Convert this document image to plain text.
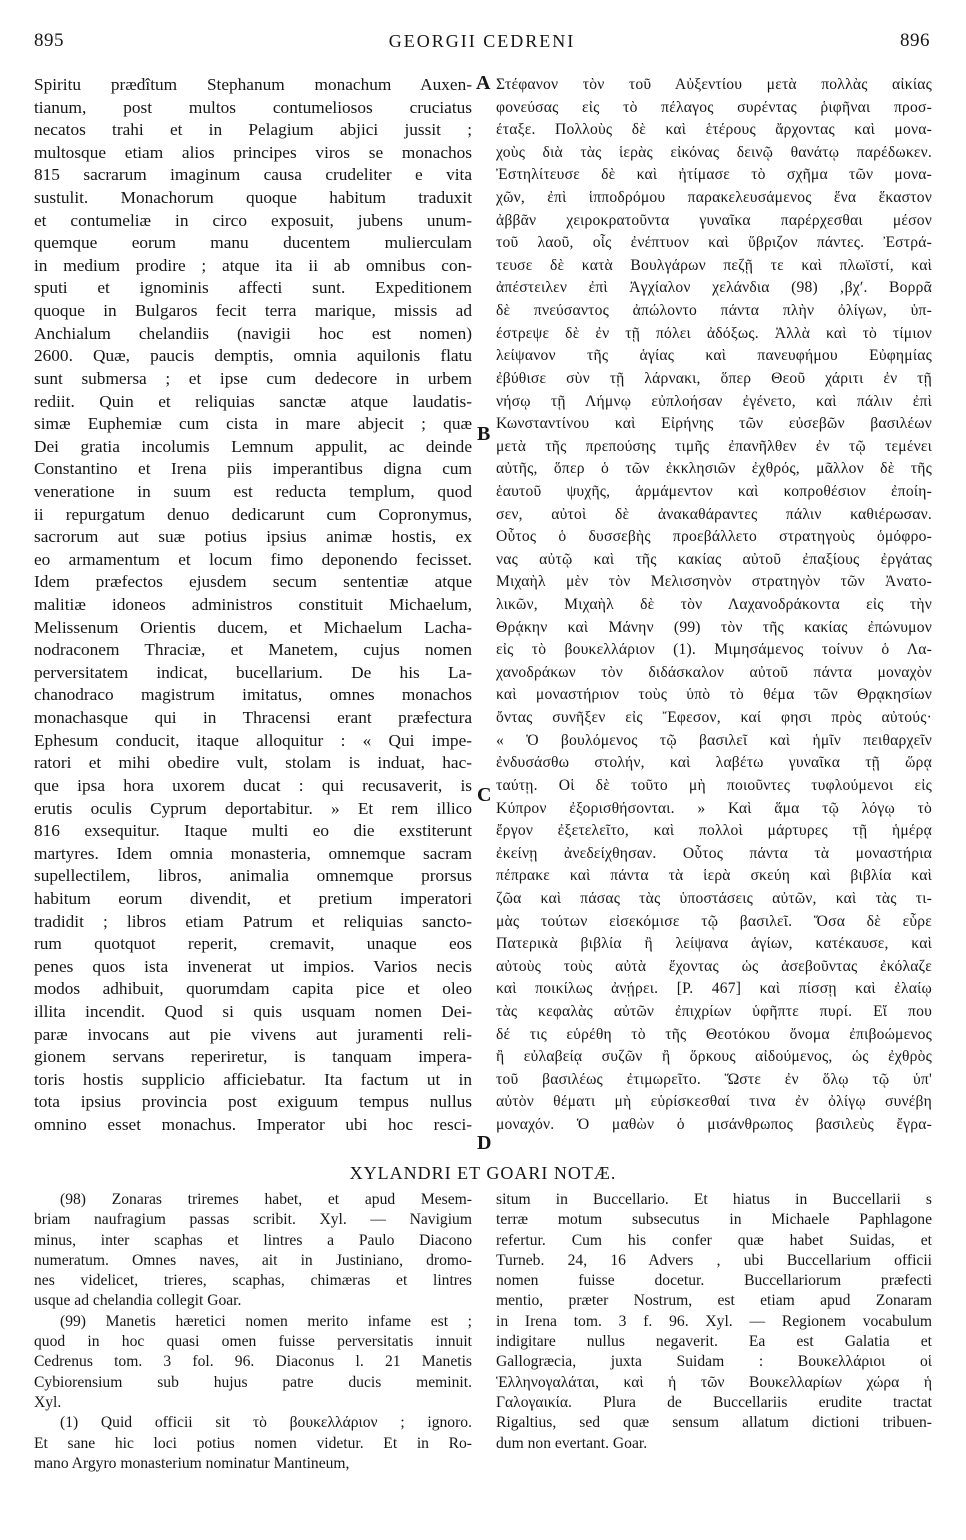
895	GEORGII CEDRENI	896
Spiritu prædîtum Stephanum monachum Auxen-
tianum, post multos contumeliosos cruciatus
necatos trahi et in Pelagium abjici jussit ;
multosque etiam alios principes viros se monachos
815 sacrarum imaginum causa crudeliter e vita
sustulit. Monachorum quoque habitum traduxit
et contumeliæ in circo exposuit, jubens unum-
quemque eorum manu ducentem mulierculam
in medium prodire ; atque ita ii ab omnibus con-
sputi et ignominis affecti sunt. Expeditionem
quoque in Bulgaros fecit terra marique, missis ad
Anchialum chelandiis (navigii hoc est nomen)
2600. Quæ, paucis demptis, omnia aquilonis flatu
sunt submersa ; et ipse cum dedecore in urbem
rediit. Quin et reliquias sanctæ atque laudatis-
simæ Euphemiæ cum cista in mare abjecit ; quæ
Dei gratia incolumis Lemnum appulit, ac deinde
Constantino et Irena piis imperantibus digna cum
veneratione in suum est reducta templum, quod
ii repurgatum denuo dedicarunt cum Copronymus,
sacrorum aut suæ potius ipsius animæ hostis, ex
eo armamentum et locum fimo deponendo fecisset.
Idem præfectos ejusdem secum sententiæ atque
malitiæ idoneos administros constituit Michaelum,
Melissenum Orientis ducem, et Michaelum Lacha-
nodraconem Thraciæ, et Manetem, cujus nomen
perversitatem indicat, bucellarium. De his La-
chanodraco magistrum imitatus, omnes monachos
monachasque qui in Thracensi erant præfectura
Ephesum conducit, itaque alloquitur : « Qui impe-
ratori et mihi obedire vult, stolam is induat, hac-
que ipsa hora uxorem ducat : qui recusaverit, is
erutis oculis Cyprum deportabitur. » Et rem illico
816 exsequitur. Itaque multi eo die exstiterunt
martyres. Idem omnia monasteria, omnemque sacram
supellectilem, libros, animalia omnemque prorsus
habitum eorum divendit, et pretium imperatori
tradidit ; libros etiam Patrum et reliquias sancto-
rum quotquot reperit, cremavit, unaque eos
penes quos ista invenerat ut impios. Varios necis
modos adhibuit, quorumdam capita pice et oleo
illita incendit. Quod si quis usquam nomen Dei-
paræ invocans aut pie vivens aut juramenti reli-
gionem servans reperiretur, is tanquam impera-
toris hostis supplicio afficiebatur. Ita factum ut in
tota ipsius provincia post exiguum tempus nullus
omnino esset monachus. Imperator ubi hoc resci-
Στέφανον τὸν τοῦ Αὐξεντίου μετὰ πολλὰς αἰκίας
φονεύσας εἰς τὸ πέλαγος συρέντας ῥιφῆναι προσ-
έταξε. Πολλοὺς δὲ καὶ ἑτέρους ἄρχοντας καὶ μονα-
χοὺς διὰ τὰς ἱερὰς εἰκόνας δεινῷ θανάτῳ παρέδωκεν.
Ἐστηλίτευσε δὲ καὶ ἠτίμασε τὸ σχῆμα τῶν μονα-
χῶν, ἐπὶ ἱπποδρόμου παρακελευσάμενος ἕνα ἕκαστον
ἀββᾶν χειροκρατοῦντα γυναῖκα παρέρχεσθαι μέσον
τοῦ λαοῦ, οἷς ἐνέπτυον καὶ ὕβριζον πάντες. Ἐστρά-
τευσε δὲ κατὰ Βουλγάρων πεζῇ τε καὶ πλωϊστί, καὶ
ἀπέστειλεν ἐπὶ Ἀγχίαλον χελάνδια (98) ‚βχʹ. Βορρᾶ
δὲ πνεύσαντος ἀπώλοντο πάντα πλὴν ὀλίγων, ὑπ-
έστρεψε δὲ ἐν τῇ πόλει ἀδόξως. Ἀλλὰ καὶ τὸ τίμιον
λείψανον τῆς ἁγίας καὶ πανευφήμου Εὐφημίας
ἐβύθισε σὺν τῇ λάρνακι, ὅπερ Θεοῦ χάριτι ἐν τῇ
νήσῳ τῇ Λήμνῳ εὐπλοήσαν ἐγένετο, καὶ πάλιν ἐπὶ
Κωνσταντίνου καὶ Εἰρήνης τῶν εὐσεβῶν βασιλέων
μετὰ τῆς πρεπούσης τιμῆς ἐπανῆλθεν ἐν τῷ τεμένει
αὐτῆς, ὅπερ ὁ τῶν ἐκκλησιῶν ἐχθρός, μᾶλλον δὲ τῆς
ἑαυτοῦ ψυχῆς, ἁρμάμεντον καὶ κοπροθέσιον ἐποίη-
σεν, αὐτοὶ δὲ ἀνακαθάραντες πάλιν καθιέρωσαν.
Οὗτος ὁ δυσσεβὴς προεβάλλετο στρατηγοὺς ὁμόφρο-
νας αὐτῷ καὶ τῆς κακίας αὐτοῦ ἐπαξίους ἐργάτας
Μιχαὴλ μὲν τὸν Μελισσηνὸν στρατηγὸν τῶν Ἀνατο-
λικῶν, Μιχαὴλ δὲ τὸν Λαχανοδράκοντα εἰς τὴν
Θρᾴκην καὶ Μάνην (99) τὸν τῆς κακίας ἐπώνυμον
εἰς τὸ βουκελλάριον (1). Μιμησάμενος τοίνυν ὁ Λα-
χανοδράκων τὸν διδάσκαλον αὐτοῦ πάντα μοναχὸν
καὶ μοναστήριον τοὺς ὑπὸ τὸ θέμα τῶν Θρᾳκησίων
ὄντας συνῆξεν εἰς Ἔφεσον, καί φησι πρὸς αὐτούς·
« Ὁ βουλόμενος τῷ βασιλεῖ καὶ ἡμῖν πειθαρχεῖν
ἐνδυσάσθω στολήν, καὶ λαβέτω γυναῖκα τῇ ὥρᾳ
ταύτῃ. Οἱ δὲ τοῦτο μὴ ποιοῦντες τυφλούμενοι εἰς
Κύπρον ἐξορισθήσονται. » Καὶ ἅμα τῷ λόγῳ τὸ
ἔργον ἐξετελεῖτο, καὶ πολλοὶ μάρτυρες τῇ ἡμέρᾳ
ἐκείνῃ ἀνεδείχθησαν. Οὗτος πάντα τὰ μοναστήρια
πέπρακε καὶ πάντα τὰ ἱερὰ σκεύη καὶ βιβλία καὶ
ζῶα καὶ πάσας τὰς ὑποστάσεις αὐτῶν, καὶ τὰς τι-
μὰς τούτων εἰσεκόμισε τῷ βασιλεῖ. Ὅσα δὲ εὗρε
Πατερικὰ βιβλία ἢ λείψανα ἁγίων, κατέκαυσε, καὶ
αὐτοὺς τοὺς αὐτὰ ἔχοντας ὡς ἀσεβοῦντας ἐκόλαζε
καὶ ποικίλως ἀνῄρει. [P. 467] καὶ πίσσῃ καὶ ἐλαίῳ
τὰς κεφαλὰς αὐτῶν ἐπιχρίων ὑφῆπτε πυρί. Εἴ που
δέ τις εὑρέθη τὸ τῆς Θεοτόκου ὄνομα ἐπιβοώμενος
ἢ εὐλαβείᾳ συζῶν ἢ ὅρκους αἰδούμενος, ὡς ἐχθρὸς
τοῦ βασιλέως ἐτιμωρεῖτο. Ὥστε ἐν ὅλῳ τῷ ὑπ'
αὐτὸν θέματι μὴ εὑρίσκεσθαί τινα ἐν ὀλίγῳ συνέβη
μοναχόν. Ὁ μαθὼν ὁ μισάνθρωπος βασιλεὺς ἔγρα-
A
B
C
D
XYLANDRI ET GOARI NOTÆ.
(98) Zonaras triremes habet, et apud Mesem-
briam naufragium passas scribit. Xyl. — Navigium
minus, inter scaphas et lintres a Paulo Diacono
numeratum. Omnes naves, ait in Justiniano, dromo-
nes videlicet, trieres, scaphas, chimæras et lintres
usque ad chelandia collegit Goar.
(99) Manetis hæretici nomen merito infame est ;
quod in hoc quasi omen fuisse perversitatis innuit
Cedrenus tom. 3 fol. 96. Diaconus l. 21 Manetis
Cybiorensium sub hujus patre ducis meminit.
Xyl.
(1) Quid officii sit τὸ βουκελλάριον ; ignoro.
Et sane hic loci potius nomen videtur. Et in Ro-
mano Argyro monasterium nominatur Mantineum,
situm in Buccellario. Et hiatus in Buccellarii s
terræ motum subsecutus in Michaele Paphlagone
refertur. Cum his confer quæ habet Suidas, et
Turneb. 24, 16 Advers , ubi Buccellarium officii
nomen fuisse docetur. Buccellariorum præfecti
mentio, præter Nostrum, est etiam apud Zonaram
in Irena tom. 3 f. 96. Xyl. — Regionem vocabulum
indigitare nullus negaverit. Ea est Galatia et
Gallogræcia, juxta Suidam : Βουκελλάριοι οἱ
Ἑλληνογαλάται, καὶ ἡ τῶν Βουκελλαρίων χώρα ἡ
Γαλογαικία. Plura de Buccellariis erudite tractat
Rigaltius, sed quæ sensum allatum dictioni tribuen-
dum non evertant. Goar.
